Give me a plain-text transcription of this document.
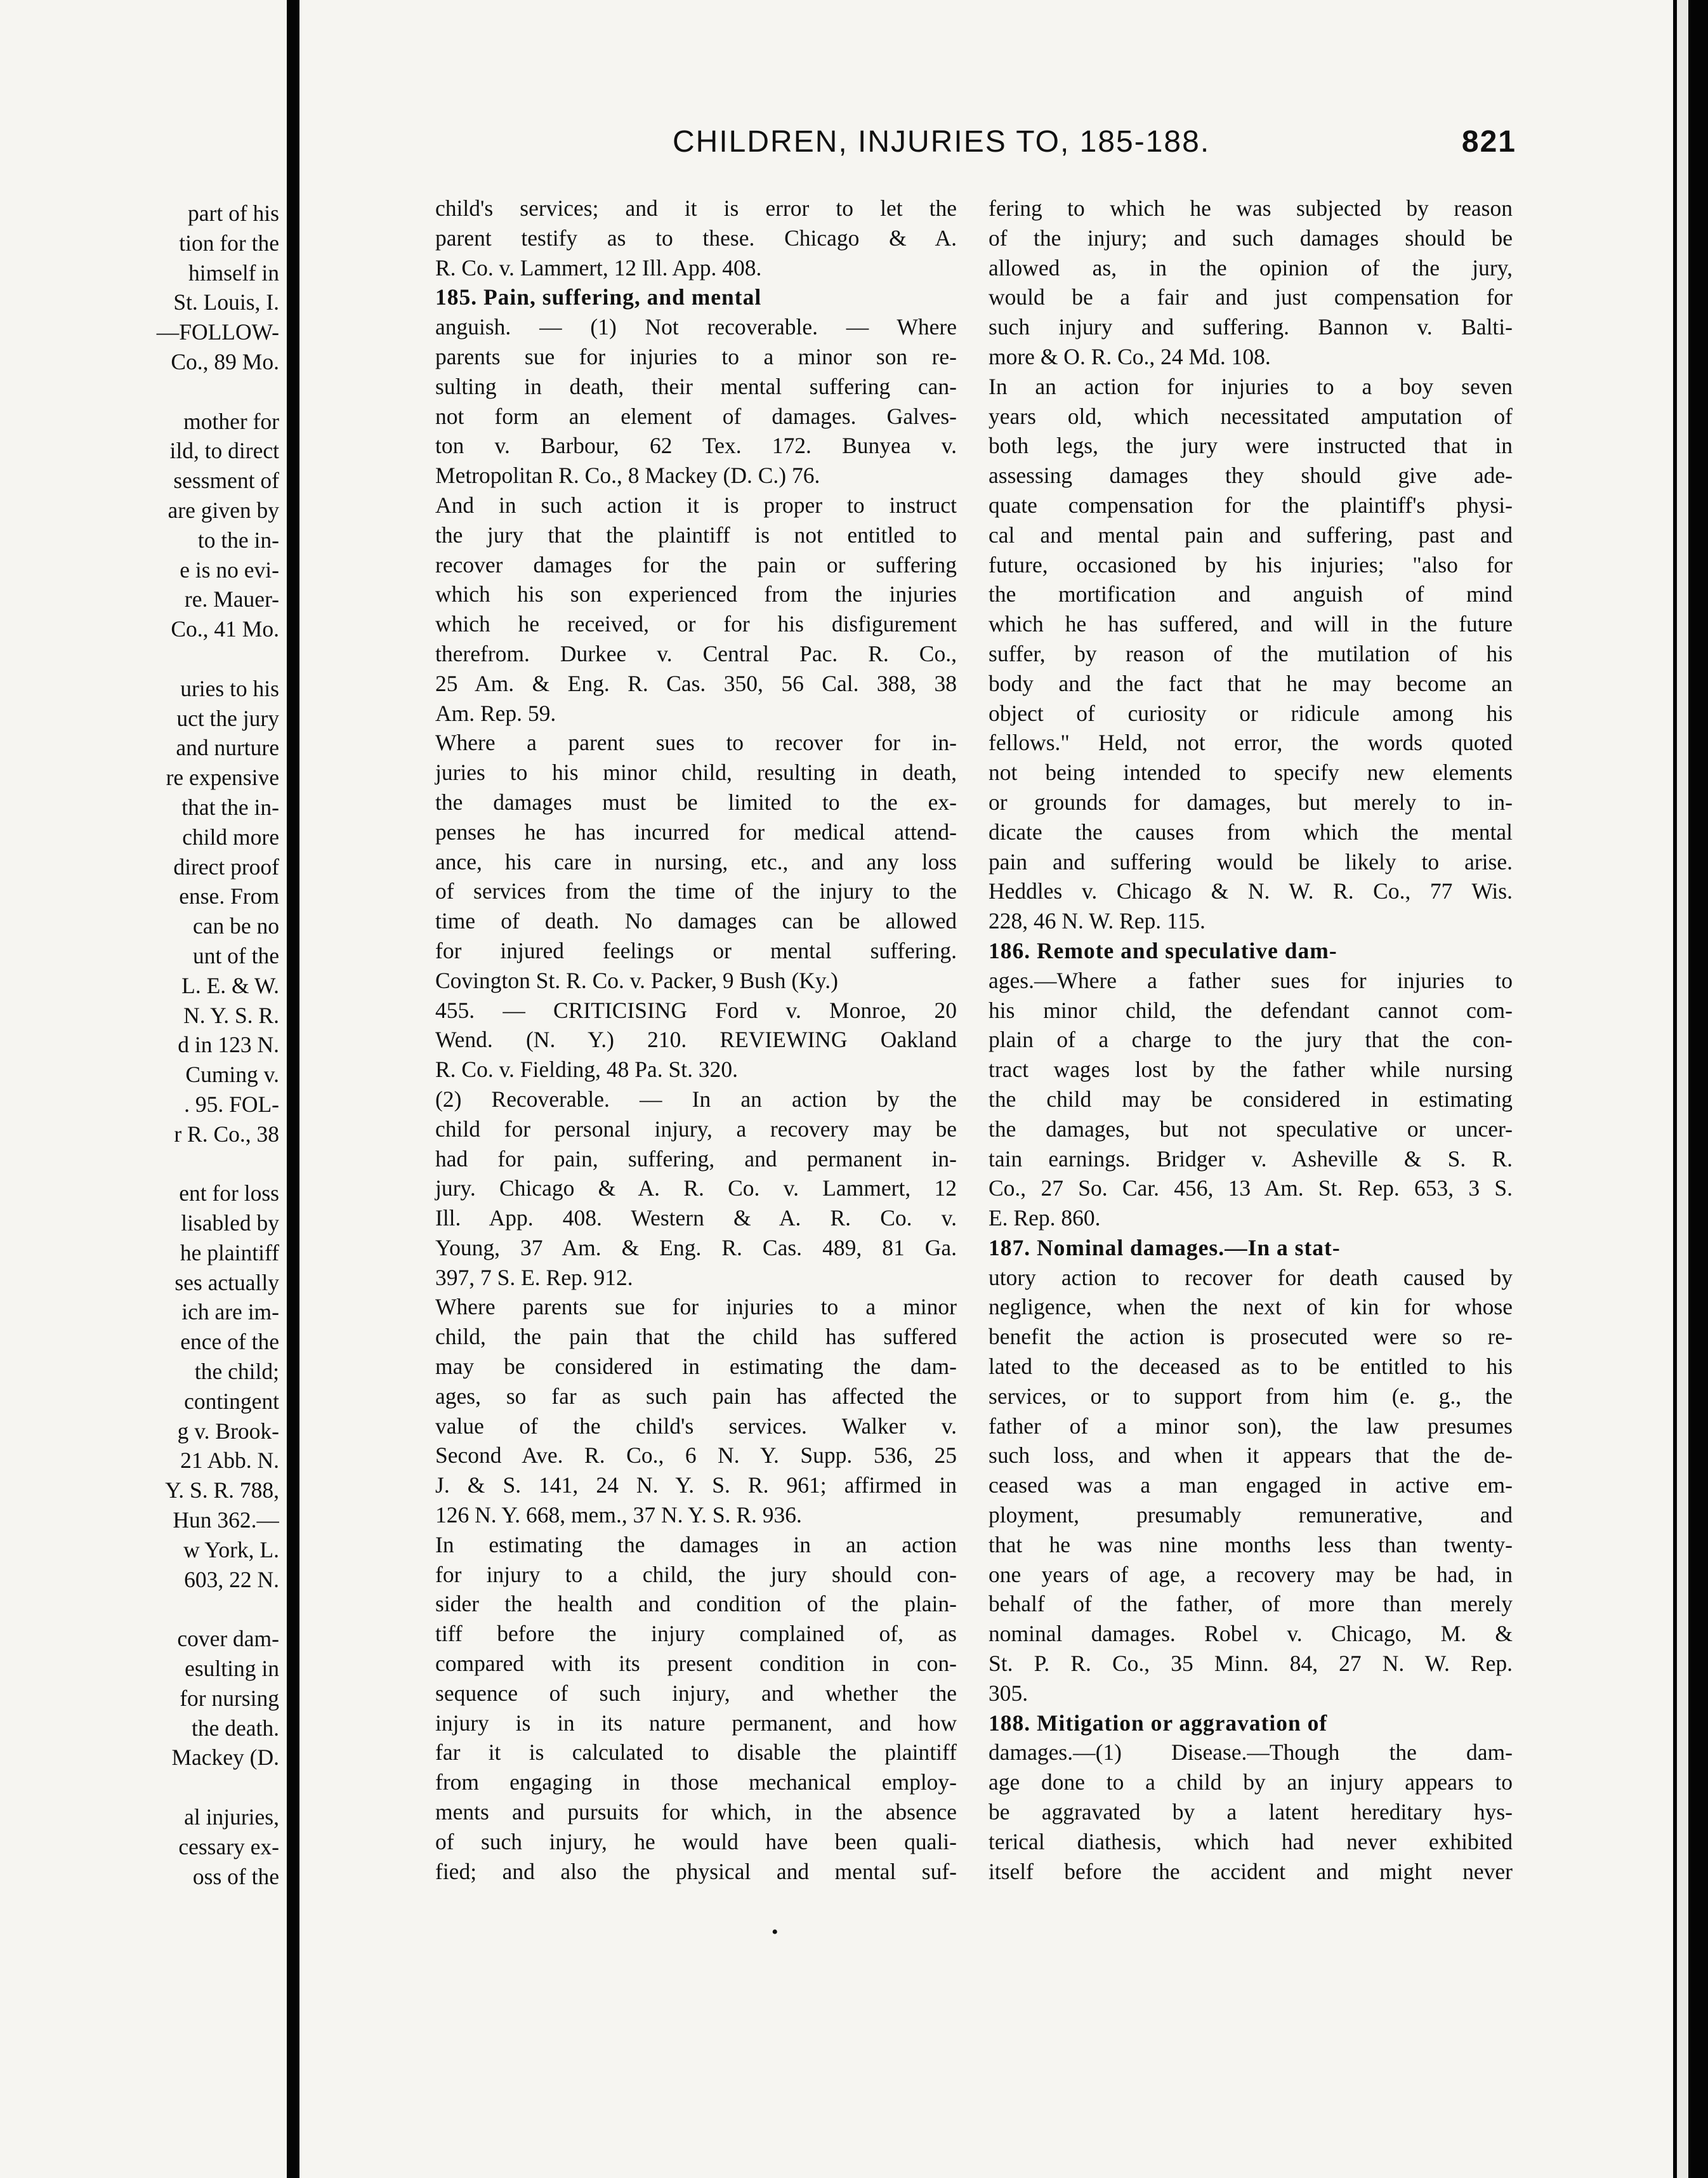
part of his
tion for the
himself in
St. Louis, I.
—FOLLOW-
Co., 89 Mo.

mother for
ild, to direct
sessment of
are given by
to the in-
e is no evi-
re. Mauer-
Co., 41 Mo.

uries to his
uct the jury
and nurture
re expensive
that the in-
child more
direct proof
ense. From
can be no
unt of the
L. E. & W.
N. Y. S. R.
d in 123 N.
Cuming v.
. 95. FOL-
r R. Co., 38

ent for loss
lisabled by
he plaintiff
ses actually
ich are im-
ence of the
the child;
contingent
g v. Brook-
21 Abb. N.
Y. S. R. 788,
Hun 362.—
w York, L.
603, 22 N.

cover dam-
esulting in
for nursing
the death.
Mackey (D.

al injuries,
cessary ex-
oss of the
CHILDREN, INJURIES TO, 185-188.	821
child's services; and it is error to let the
parent testify as to these. Chicago & A.
R. Co. v. Lammert, 12 Ill. App. 408.
185. Pain, suffering, and mental
anguish. — (1) Not recoverable. — Where
parents sue for injuries to a minor son re-
sulting in death, their mental suffering can-
not form an element of damages. Galves-
ton v. Barbour, 62 Tex. 172. Bunyea v.
Metropolitan R. Co., 8 Mackey (D. C.) 76.
And in such action it is proper to instruct
the jury that the plaintiff is not entitled to
recover damages for the pain or suffering
which his son experienced from the injuries
which he received, or for his disfigurement
therefrom. Durkee v. Central Pac. R. Co.,
25 Am. & Eng. R. Cas. 350, 56 Cal. 388, 38
Am. Rep. 59.
Where a parent sues to recover for in-
juries to his minor child, resulting in death,
the damages must be limited to the ex-
penses he has incurred for medical attend-
ance, his care in nursing, etc., and any loss
of services from the time of the injury to the
time of death. No damages can be allowed
for injured feelings or mental suffering.
Covington St. R. Co. v. Packer, 9 Bush (Ky.)
455. — CRITICISING Ford v. Monroe, 20
Wend. (N. Y.) 210. REVIEWING Oakland
R. Co. v. Fielding, 48 Pa. St. 320.
(2) Recoverable. — In an action by the
child for personal injury, a recovery may be
had for pain, suffering, and permanent in-
jury. Chicago & A. R. Co. v. Lammert, 12
Ill. App. 408. Western & A. R. Co. v.
Young, 37 Am. & Eng. R. Cas. 489, 81 Ga.
397, 7 S. E. Rep. 912.
Where parents sue for injuries to a minor
child, the pain that the child has suffered
may be considered in estimating the dam-
ages, so far as such pain has affected the
value of the child's services. Walker v.
Second Ave. R. Co., 6 N. Y. Supp. 536, 25
J. & S. 141, 24 N. Y. S. R. 961; affirmed in
126 N. Y. 668, mem., 37 N. Y. S. R. 936.
In estimating the damages in an action
for injury to a child, the jury should con-
sider the health and condition of the plain-
tiff before the injury complained of, as
compared with its present condition in con-
sequence of such injury, and whether the
injury is in its nature permanent, and how
far it is calculated to disable the plaintiff
from engaging in those mechanical employ-
ments and pursuits for which, in the absence
of such injury, he would have been quali-
fied; and also the physical and mental suf-
fering to which he was subjected by reason
of the injury; and such damages should be
allowed as, in the opinion of the jury,
would be a fair and just compensation for
such injury and suffering. Bannon v. Balti-
more & O. R. Co., 24 Md. 108.
In an action for injuries to a boy seven
years old, which necessitated amputation of
both legs, the jury were instructed that in
assessing damages they should give ade-
quate compensation for the plaintiff's physi-
cal and mental pain and suffering, past and
future, occasioned by his injuries; "also for
the mortification and anguish of mind
which he has suffered, and will in the future
suffer, by reason of the mutilation of his
body and the fact that he may become an
object of curiosity or ridicule among his
fellows." Held, not error, the words quoted
not being intended to specify new elements
or grounds for damages, but merely to in-
dicate the causes from which the mental
pain and suffering would be likely to arise.
Heddles v. Chicago & N. W. R. Co., 77 Wis.
228, 46 N. W. Rep. 115.
186. Remote and speculative dam-
ages.—Where a father sues for injuries to
his minor child, the defendant cannot com-
plain of a charge to the jury that the con-
tract wages lost by the father while nursing
the child may be considered in estimating
the damages, but not speculative or uncer-
tain earnings. Bridger v. Asheville & S. R.
Co., 27 So. Car. 456, 13 Am. St. Rep. 653, 3 S.
E. Rep. 860.
187. Nominal damages.—In a stat-
utory action to recover for death caused by
negligence, when the next of kin for whose
benefit the action is prosecuted were so re-
lated to the deceased as to be entitled to his
services, or to support from him (e. g., the
father of a minor son), the law presumes
such loss, and when it appears that the de-
ceased was a man engaged in active em-
ployment, presumably remunerative, and
that he was nine months less than twenty-
one years of age, a recovery may be had, in
behalf of the father, of more than merely
nominal damages. Robel v. Chicago, M. &
St. P. R. Co., 35 Minn. 84, 27 N. W. Rep.
305.
188. Mitigation or aggravation of
damages.—(1) Disease.—Though the dam-
age done to a child by an injury appears to
be aggravated by a latent hereditary hys-
terical diathesis, which had never exhibited
itself before the accident and might never
•
